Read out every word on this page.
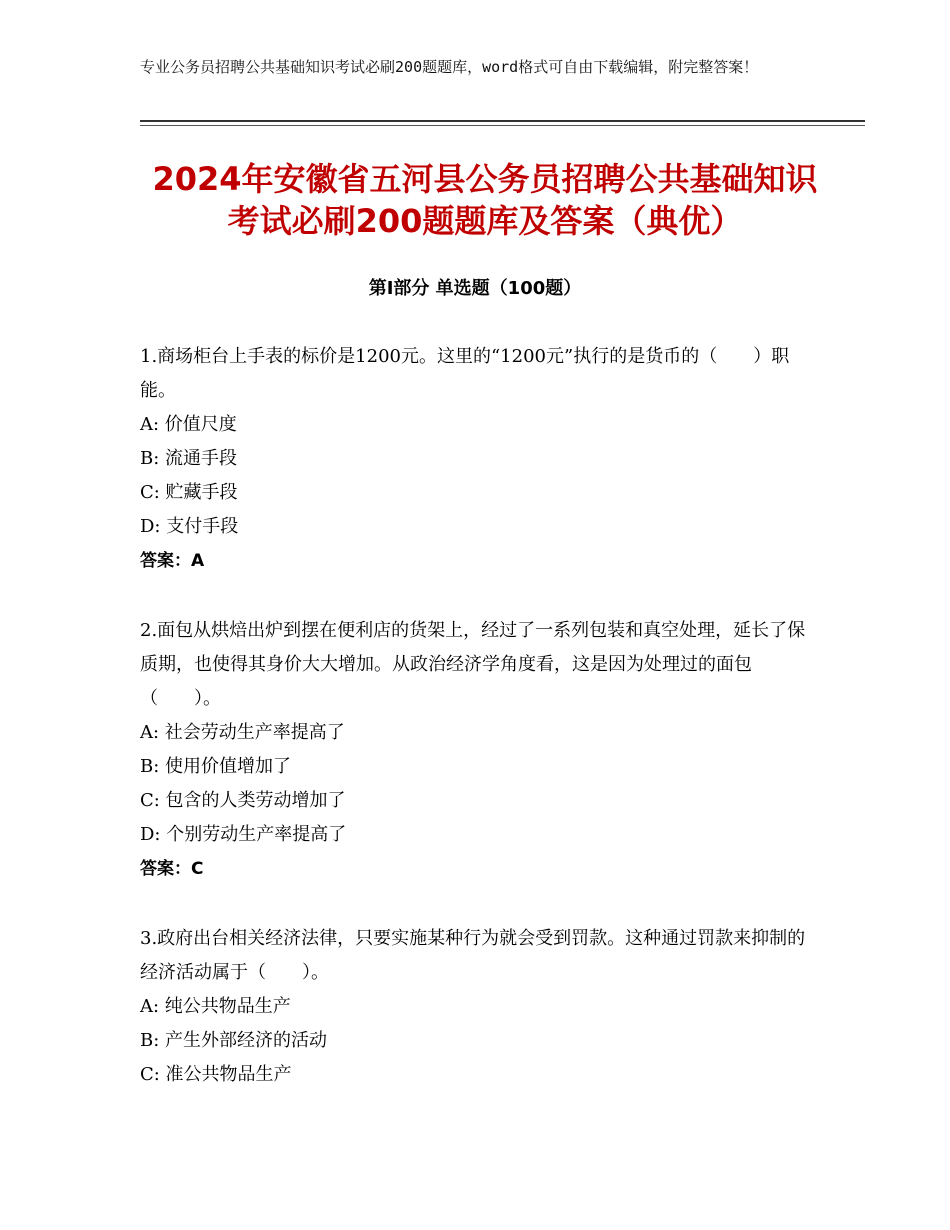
专业公务员招聘公共基础知识考试必刷200题题库，word格式可自由下载编辑，附完整答案！
2024年安徽省五河县公务员招聘公共基础知识考试必刷200题题库及答案（典优）
第Ⅰ部分 单选题（100题）

1.商场柜台上手表的标价是1200元。这里的“1200元”执行的是货币的（　　）职能。

A: 价值尺度

B: 流通手段

C: 贮藏手段

D: 支付手段

答案：A

2.面包从烘焙出炉到摆在便利店的货架上，经过了一系列包装和真空处理，延长了保质期，也使得其身价大大增加。从政治经济学角度看，这是因为处理过的面包（　　）。

A: 社会劳动生产率提高了

B: 使用价值增加了

C: 包含的人类劳动增加了

D: 个别劳动生产率提高了

答案：C

3.政府出台相关经济法律，只要实施某种行为就会受到罚款。这种通过罚款来抑制的经济活动属于（　　）。

A: 纯公共物品生产

B: 产生外部经济的活动

C: 准公共物品生产
